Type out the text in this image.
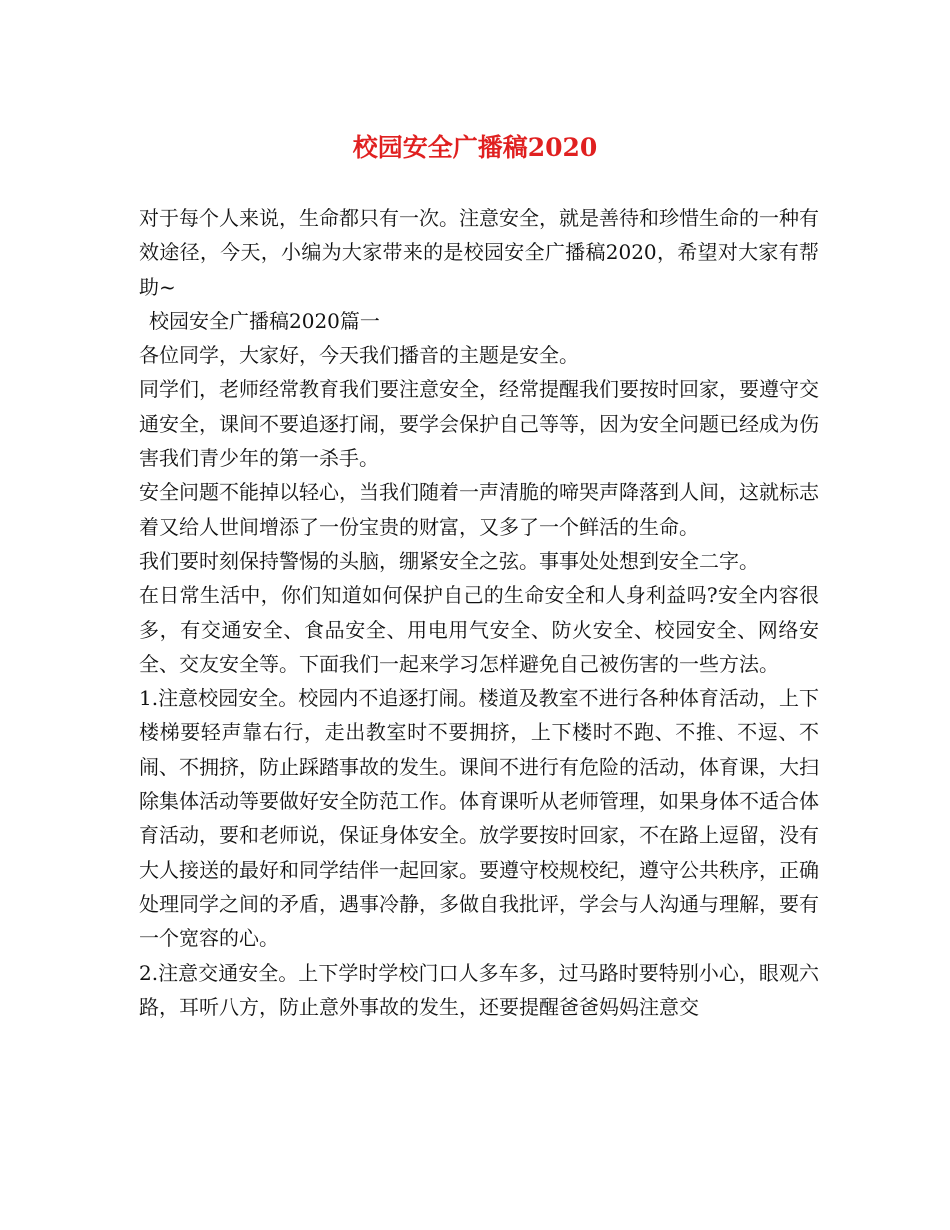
校园安全广播稿2020

对于每个人来说，生命都只有一次。注意安全，就是善待和珍惜生命的一种有效途径，今天，小编为大家带来的是校园安全广播稿2020，希望对大家有帮助~

校园安全广播稿2020篇一

各位同学，大家好，今天我们播音的主题是安全。

同学们，老师经常教育我们要注意安全，经常提醒我们要按时回家，要遵守交通安全，课间不要追逐打闹，要学会保护自己等等，因为安全问题已经成为伤害我们青少年的第一杀手。

安全问题不能掉以轻心，当我们随着一声清脆的啼哭声降落到人间，这就标志着又给人世间增添了一份宝贵的财富，又多了一个鲜活的生命。

我们要时刻保持警惕的头脑，绷紧安全之弦。事事处处想到安全二字。

在日常生活中，你们知道如何保护自己的生命安全和人身利益吗?安全内容很多，有交通安全、食品安全、用电用气安全、防火安全、校园安全、网络安全、交友安全等。下面我们一起来学习怎样避免自己被伤害的一些方法。

1.注意校园安全。校园内不追逐打闹。楼道及教室不进行各种体育活动，上下楼梯要轻声靠右行，走出教室时不要拥挤，上下楼时不跑、不推、不逗、不闹、不拥挤，防止踩踏事故的发生。课间不进行有危险的活动，体育课，大扫除集体活动等要做好安全防范工作。体育课听从老师管理，如果身体不适合体育活动，要和老师说，保证身体安全。放学要按时回家，不在路上逗留，没有大人接送的最好和同学结伴一起回家。要遵守校规校纪，遵守公共秩序，正确处理同学之间的矛盾，遇事冷静，多做自我批评，学会与人沟通与理解，要有一个宽容的心。

2.注意交通安全。上下学时学校门口人多车多，过马路时要特别小心，眼观六路，耳听八方，防止意外事故的发生，还要提醒爸爸妈妈注意交
